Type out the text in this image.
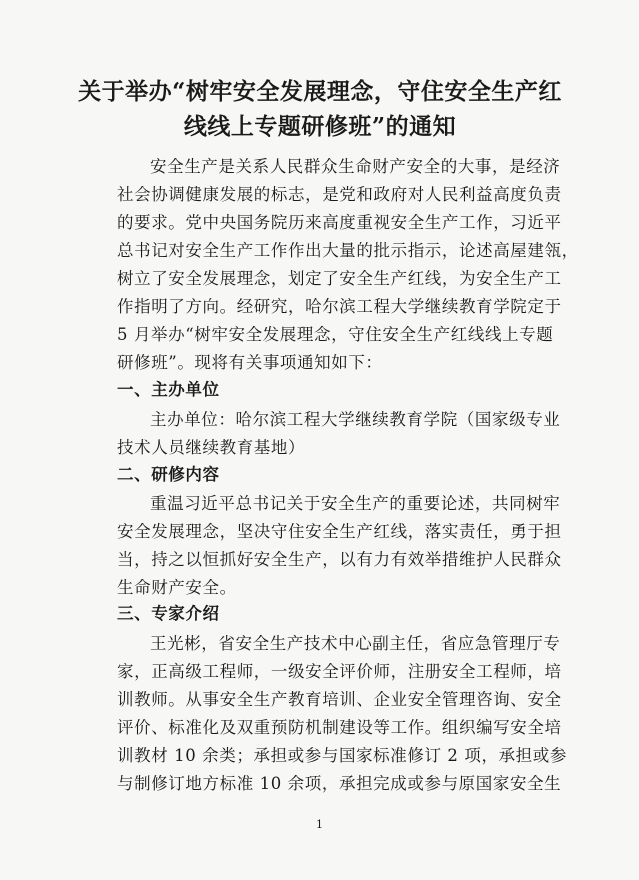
关于举办“树牢安全发展理念，守住安全生产红
线线上专题研修班”的通知
安全生产是关系人民群众生命财产安全的大事，是经济
社会协调健康发展的标志，是党和政府对人民利益高度负责
的要求。党中央国务院历来高度重视安全生产工作，习近平
总书记对安全生产工作作出大量的批示指示，论述高屋建瓴，
树立了安全发展理念，划定了安全生产红线，为安全生产工
作指明了方向。经研究，哈尔滨工程大学继续教育学院定于
5 月举办“树牢安全发展理念，守住安全生产红线线上专题
研修班”。现将有关事项通知如下：
一、主办单位
主办单位：哈尔滨工程大学继续教育学院（国家级专业
技术人员继续教育基地）
二、研修内容
重温习近平总书记关于安全生产的重要论述，共同树牢
安全发展理念，坚决守住安全生产红线，落实责任，勇于担
当，持之以恒抓好安全生产，以有力有效举措维护人民群众
生命财产安全。
三、专家介绍
王光彬，省安全生产技术中心副主任，省应急管理厅专
家，正高级工程师，一级安全评价师，注册安全工程师，培
训教师。从事安全生产教育培训、企业安全管理咨询、安全
评价、标准化及双重预防机制建设等工作。组织编写安全培
训教材 10 余类；承担或参与国家标准修订 2 项，承担或参
与制修订地方标准 10 余项，承担完成或参与原国家安全生
1
